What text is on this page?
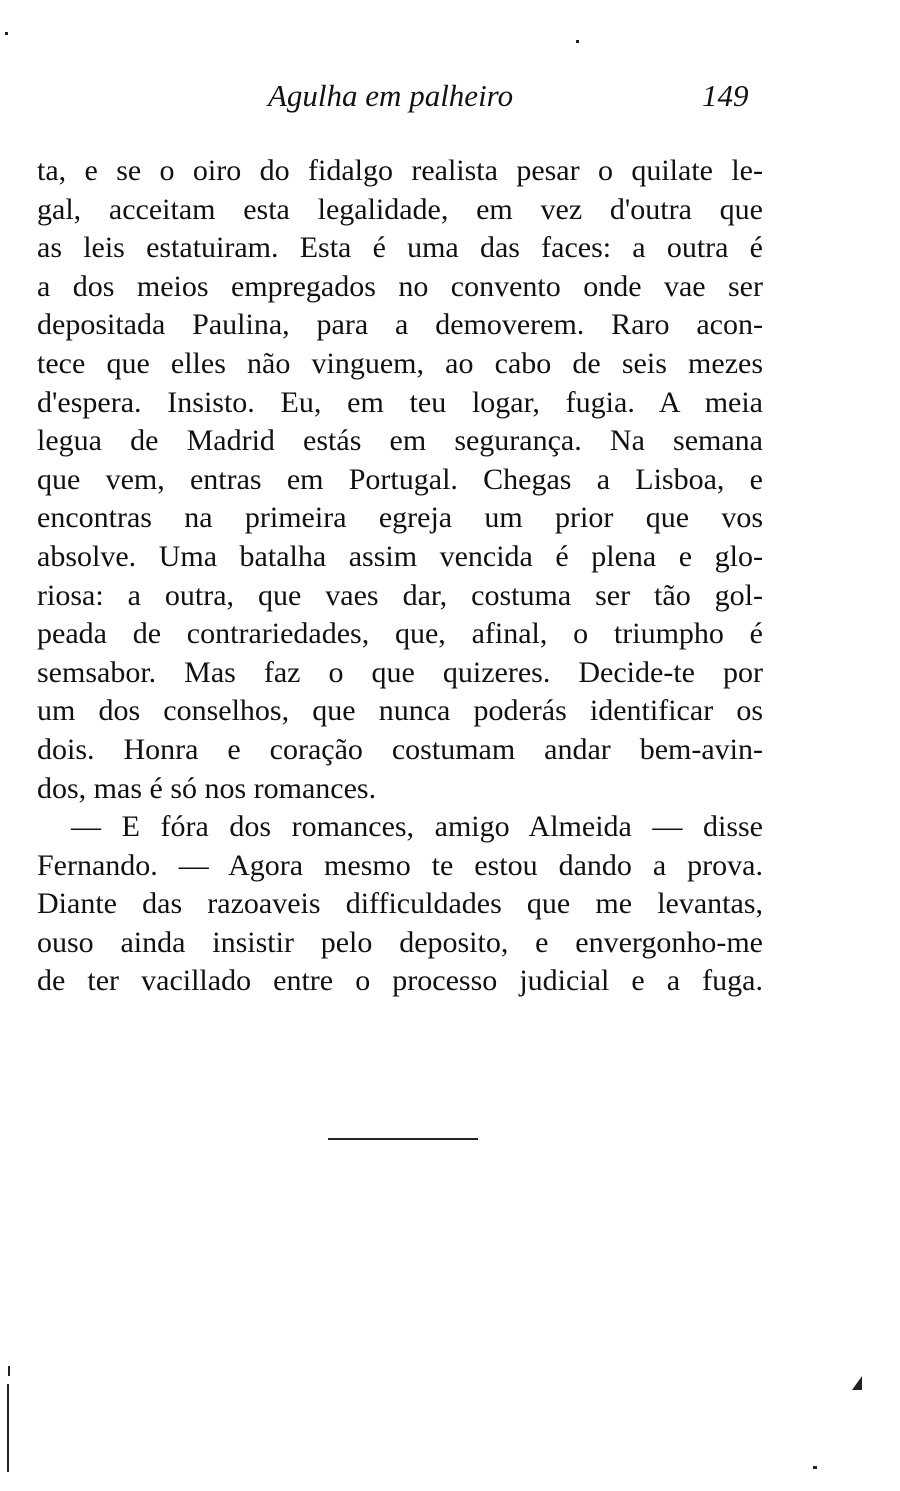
Agulha em palheiro	149
ta, e se o oiro do fidalgo realista pesar o quilate le-
gal, acceitam esta legalidade, em vez d'outra que
as leis estatuiram. Esta é uma das faces: a outra é
a dos meios empregados no convento onde vae ser
depositada Paulina, para a demoverem. Raro acon-
tece que elles não vinguem, ao cabo de seis mezes
d'espera. Insisto. Eu, em teu logar, fugia. A meia
legua de Madrid estás em segurança. Na semana
que vem, entras em Portugal. Chegas a Lisboa, e
encontras na primeira egreja um prior que vos
absolve. Uma batalha assim vencida é plena e glo-
riosa: a outra, que vaes dar, costuma ser tão gol-
peada de contrariedades, que, afinal, o triumpho é
semsabor. Mas faz o que quizeres. Decide-te por
um dos conselhos, que nunca poderás identificar os
dois. Honra e coração costumam andar bem-avin-
dos, mas é só nos romances.
— E fóra dos romances, amigo Almeida — disse
Fernando. — Agora mesmo te estou dando a prova.
Diante das razoaveis difficuldades que me levantas,
ouso ainda insistir pelo deposito, e envergonho-me
de ter vacillado entre o processo judicial e a fuga.
